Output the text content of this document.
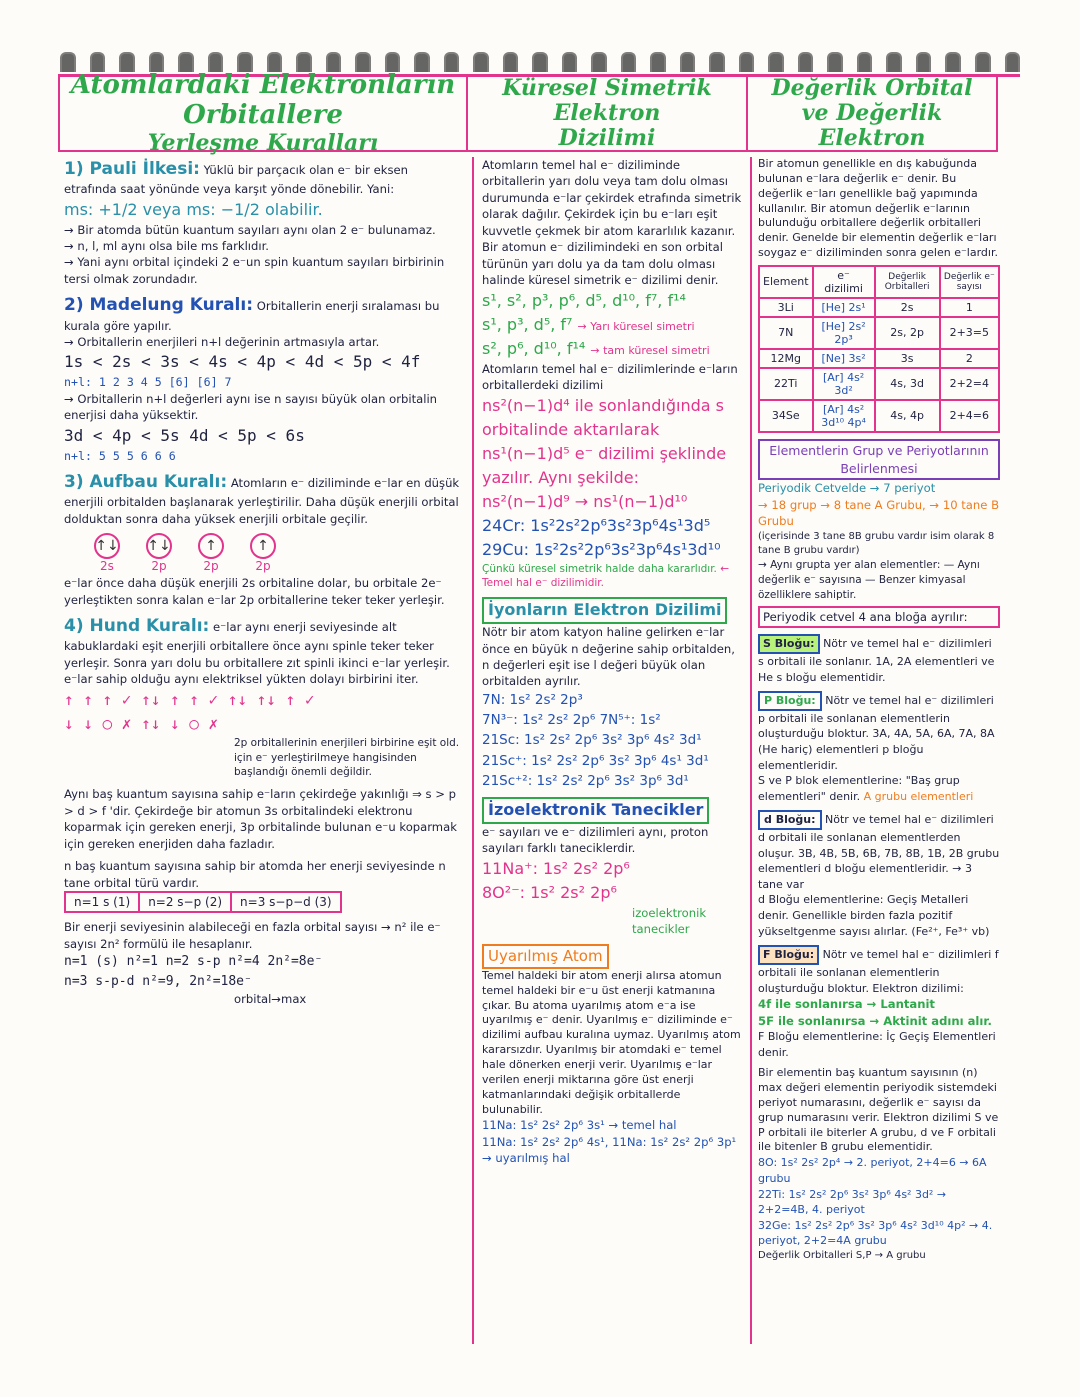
Atomlardaki Elektronların Orbitallere
Yerleşme Kuralları
Küresel Simetrik Elektron
Dizilimi
Değerlik Orbital
ve Değerlik Elektron

1) Pauli İlkesi: Yüklü bir parçacık olan e⁻ bir eksen etrafında saat yönünde veya karşıt yönde dönebilir. Yani:

ms: +1/2 veya ms: −1/2 olabilir.

→ Bir atomda bütün kuantum sayıları aynı olan 2 e⁻ bulunamaz.

→ n, l, ml aynı olsa bile ms farklıdır.

→ Yani aynı orbital içindeki 2 e⁻un spin kuantum sayıları birbirinin tersi olmak zorundadır.

2) Madelung Kuralı: Orbitallerin enerji sıralaması bu kurala göre yapılır.

→ Orbitallerin enerjileri n+l değerinin artmasıyla artar.

1s < 2s < 3s < 4s < 4p < 4d < 5p < 4f

n+l: 1 2 3 4 5 [6] [6] 7

→ Orbitallerin n+l değerleri aynı ise n sayısı büyük olan orbitalin enerjisi daha yüksektir.

3d < 4p < 5s 4d < 5p < 6s

n+l: 5 5 5 6 6 6

3) Aufbau Kuralı: Atomların e⁻ diziliminde e⁻lar en düşük enerjili orbitalden başlanarak yerleştirilir. Daha düşük enerjili orbital dolduktan sonra daha yüksek enerjili orbitale geçilir.

↑↓
2s
↑↓
2p
↑
2p
↑
2p

e⁻lar önce daha düşük enerjili 2s orbitaline dolar, bu orbitale 2e⁻ yerleştikten sonra kalan e⁻lar 2p orbitallerine teker teker yerleşir.

4) Hund Kuralı: e⁻lar aynı enerji seviyesinde alt kabuklardaki eşit enerjili orbitallere önce aynı spinle teker teker yerleşir. Sonra yarı dolu bu orbitallere zıt spinli ikinci e⁻lar yerleşir. e⁻lar sahip olduğu aynı elektriksel yükten dolayı birbirini iter.

↑ ↑ ↑ ✓ ↑↓ ↑ ↑ ✓ ↑↓ ↑↓ ↑ ✓

↓ ↓ ○ ✗ ↑↓ ↓ ○ ✗

2p orbitallerinin enerjileri birbirine eşit old. için e⁻ yerleştirilmeye hangisinden başlandığı önemli değildir.

Aynı baş kuantum sayısına sahip e⁻ların çekirdeğe yakınlığı ⇒ s > p > d > f 'dir. Çekirdeğe bir atomun 3s orbitalindeki elektronu koparmak için gereken enerji, 3p orbitalinde bulunan e⁻u koparmak için gereken enerjiden daha fazladır.

n baş kuantum sayısına sahip bir atomda her enerji seviyesinde n tane orbital türü vardır.

n=1 s (1)	n=2 s−p (2)	n=3 s−p−d (3)

Bir enerji seviyesinin alabileceği en fazla orbital sayısı → n² ile e⁻ sayısı 2n² formülü ile hesaplanır.

n=1 (s) n²=1 n=2 s-p n²=4 2n²=8e⁻

n=3 s-p-d n²=9, 2n²=18e⁻

orbital→max

Atomların temel hal e⁻ diziliminde orbitallerin yarı dolu veya tam dolu olması durumunda e⁻lar çekirdek etrafında simetrik olarak dağılır. Çekirdek için bu e⁻ları eşit kuvvetle çekmek bir atom kararlılık kazanır. Bir atomun e⁻ dizilimindeki en son orbital türünün yarı dolu ya da tam dolu olması halinde küresel simetrik e⁻ dizilimi denir.

s¹, s², p³, p⁶, d⁵, d¹⁰, f⁷, f¹⁴

s¹, p³, d⁵, f⁷ → Yarı küresel simetri

s², p⁶, d¹⁰, f¹⁴ → tam küresel simetri

Atomların temel hal e⁻ dizilimlerinde e⁻ların orbitallerdeki dizilimi

ns²(n−1)d⁴ ile sonlandığında s orbitalinde aktarılarak

ns¹(n−1)d⁵ e⁻ dizilimi şeklinde yazılır. Aynı şekilde:

ns²(n−1)d⁹ → ns¹(n−1)d¹⁰

24Cr: 1s²2s²2p⁶3s²3p⁶4s¹3d⁵

29Cu: 1s²2s²2p⁶3s²3p⁶4s¹3d¹⁰

Çünkü küresel simetrik halde daha kararlıdır. ← Temel hal e⁻ dizilimidir.

İyonların Elektron Dizilimi

Nötr bir atom katyon haline gelirken e⁻lar önce en büyük n değerine sahip orbitalden, n değerleri eşit ise l değeri büyük olan orbitalden ayrılır.

7N: 1s² 2s² 2p³

7N³⁻: 1s² 2s² 2p⁶ 7N⁵⁺: 1s²

21Sc: 1s² 2s² 2p⁶ 3s² 3p⁶ 4s² 3d¹

21Sc⁺: 1s² 2s² 2p⁶ 3s² 3p⁶ 4s¹ 3d¹

21Sc⁺²: 1s² 2s² 2p⁶ 3s² 3p⁶ 3d¹

İzoelektronik Tanecikler

e⁻ sayıları ve e⁻ dizilimleri aynı, proton sayıları farklı taneciklerdir.

11Na⁺: 1s² 2s² 2p⁶

8O²⁻: 1s² 2s² 2p⁶

izoelektronik tanecikler

Uyarılmış Atom

Temel haldeki bir atom enerji alırsa atomun temel haldeki bir e⁻u üst enerji katmanına çıkar. Bu atoma uyarılmış atom e⁻a ise uyarılmış e⁻ denir. Uyarılmış e⁻ diziliminde e⁻ dizilimi aufbau kuralına uymaz. Uyarılmış atom kararsızdır. Uyarılmış bir atomdaki e⁻ temel hale dönerken enerji verir. Uyarılmış e⁻lar verilen enerji miktarına göre üst enerji katmanlarındaki değişik orbitallerde bulunabilir.

11Na: 1s² 2s² 2p⁶ 3s¹ → temel hal

11Na: 1s² 2s² 2p⁶ 4s¹, 11Na: 1s² 2s² 2p⁶ 3p¹ → uyarılmış hal

Bir atomun genellikle en dış kabuğunda bulunan e⁻lara değerlik e⁻ denir. Bu değerlik e⁻ları genellikle bağ yapımında kullanılır. Bir atomun değerlik e⁻larının bulunduğu orbitallere değerlik orbitalleri denir. Genelde bir elementin değerlik e⁻ları soygaz e⁻ diziliminden sonra gelen e⁻lardır.

Element	e⁻ dizilimi	Değerlik Orbitalleri	Değerlik e⁻ sayısı
3Li	[He] 2s¹	2s	1
7N	[He] 2s² 2p³	2s, 2p	2+3=5
12Mg	[Ne] 3s²	3s	2
22Ti	[Ar] 4s² 3d²	4s, 3d	2+2=4
34Se	[Ar] 4s² 3d¹⁰ 4p⁴	4s, 4p	2+4=6

Elementlerin Grup ve Periyotlarının Belirlenmesi

Periyodik Cetvelde → 7 periyot

→ 18 grup → 8 tane A Grubu, → 10 tane B Grubu

(içerisinde 3 tane 8B grubu vardır isim olarak 8 tane B grubu vardır)

→ Aynı grupta yer alan elementler: — Aynı değerlik e⁻ sayısına — Benzer kimyasal özelliklere sahiptir.

Periyodik cetvel 4 ana bloğa ayrılır:

S Bloğu: Nötr ve temel hal e⁻ dizilimleri s orbitali ile sonlanır. 1A, 2A elementleri ve He s bloğu elementidir.

P Bloğu: Nötr ve temel hal e⁻ dizilimleri p orbitali ile sonlanan elementlerin oluşturduğu bloktur. 3A, 4A, 5A, 6A, 7A, 8A (He hariç) elementleri p bloğu elementleridir.

S ve P blok elementlerine: "Baş grup elementleri" denir. A grubu elementleri

d Bloğu: Nötr ve temel hal e⁻ dizilimleri d orbitali ile sonlanan elementlerden oluşur. 3B, 4B, 5B, 6B, 7B, 8B, 1B, 2B grubu elementleri d bloğu elementleridir. → 3 tane var

d Bloğu elementlerine: Geçiş Metalleri denir. Genellikle birden fazla pozitif yükseltgenme sayısı alırlar. (Fe²⁺, Fe³⁺ vb)

F Bloğu: Nötr ve temel hal e⁻ dizilimleri f orbitali ile sonlanan elementlerin oluşturduğu bloktur. Elektron dizilimi:

4f ile sonlanırsa → Lantanit

5F ile sonlanırsa → Aktinit adını alır.

F Bloğu elementlerine: İç Geçiş Elementleri denir.

Bir elementin baş kuantum sayısının (n) max değeri elementin periyodik sistemdeki periyot numarasını, değerlik e⁻ sayısı da grup numarasını verir. Elektron dizilimi S ve P orbitali ile biterler A grubu, d ve F orbitali ile bitenler B grubu elementidir.

8O: 1s² 2s² 2p⁴ → 2. periyot, 2+4=6 → 6A grubu

22Ti: 1s² 2s² 2p⁶ 3s² 3p⁶ 4s² 3d² → 2+2=4B, 4. periyot

32Ge: 1s² 2s² 2p⁶ 3s² 3p⁶ 4s² 3d¹⁰ 4p² → 4. periyot, 2+2=4A grubu

Değerlik Orbitalleri S,P → A grubu
